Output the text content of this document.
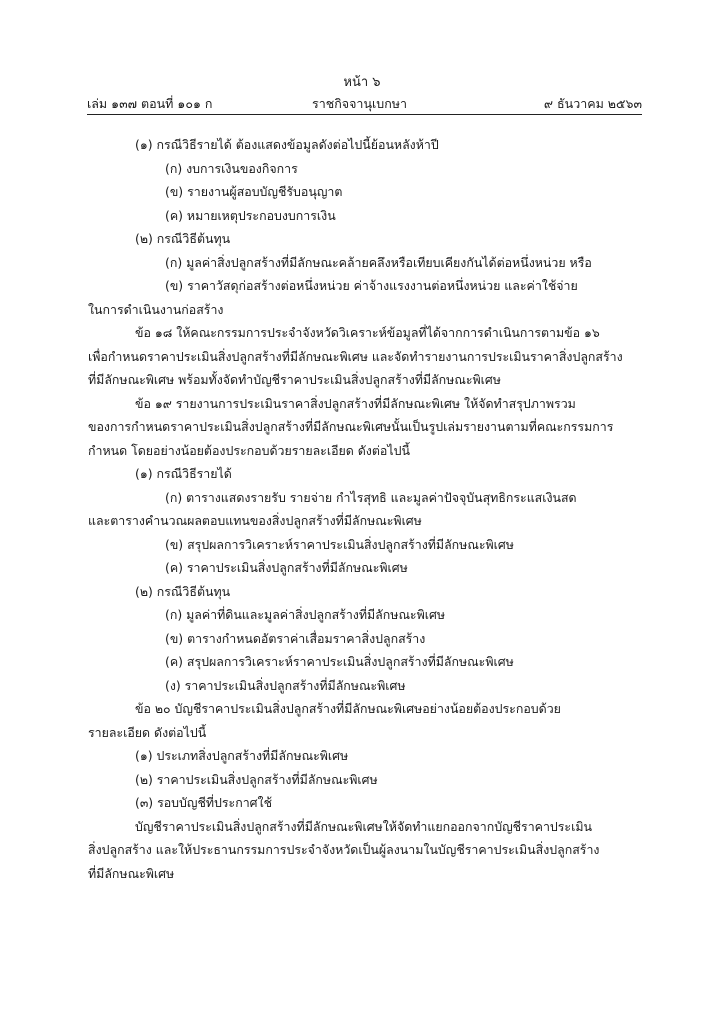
หน้า ๖
เล่ม ๑๓๗ ตอนที่ ๑๐๑ ก	ราชกิจจานุเบกษา	๙ ธันวาคม ๒๕๖๓
(๑) กรณีวิธีรายได้ ต้องแสดงข้อมูลดังต่อไปนี้ย้อนหลังห้าปี
(ก) งบการเงินของกิจการ
(ข) รายงานผู้สอบบัญชีรับอนุญาต
(ค) หมายเหตุประกอบงบการเงิน
(๒) กรณีวิธีต้นทุน
(ก) มูลค่าสิ่งปลูกสร้างที่มีลักษณะคล้ายคลึงหรือเทียบเคียงกันได้ต่อหนึ่งหน่วย หรือ
(ข) ราคาวัสดุก่อสร้างต่อหนึ่งหน่วย ค่าจ้างแรงงานต่อหนึ่งหน่วย และค่าใช้จ่าย
ในการดำเนินงานก่อสร้าง
ข้อ ๑๘ ให้คณะกรรมการประจำจังหวัดวิเคราะห์ข้อมูลที่ได้จากการดำเนินการตามข้อ ๑๖
เพื่อกำหนดราคาประเมินสิ่งปลูกสร้างที่มีลักษณะพิเศษ และจัดทำรายงานการประเมินราคาสิ่งปลูกสร้าง
ที่มีลักษณะพิเศษ พร้อมทั้งจัดทำบัญชีราคาประเมินสิ่งปลูกสร้างที่มีลักษณะพิเศษ
ข้อ ๑๙ รายงานการประเมินราคาสิ่งปลูกสร้างที่มีลักษณะพิเศษ ให้จัดทำสรุปภาพรวม
ของการกำหนดราคาประเมินสิ่งปลูกสร้างที่มีลักษณะพิเศษนั้นเป็นรูปเล่มรายงานตามที่คณะกรรมการ
กำหนด โดยอย่างน้อยต้องประกอบด้วยรายละเอียด ดังต่อไปนี้
(๑) กรณีวิธีรายได้
(ก) ตารางแสดงรายรับ รายจ่าย กำไรสุทธิ และมูลค่าปัจจุบันสุทธิกระแสเงินสด
และตารางคำนวณผลตอบแทนของสิ่งปลูกสร้างที่มีลักษณะพิเศษ
(ข) สรุปผลการวิเคราะห์ราคาประเมินสิ่งปลูกสร้างที่มีลักษณะพิเศษ
(ค) ราคาประเมินสิ่งปลูกสร้างที่มีลักษณะพิเศษ
(๒) กรณีวิธีต้นทุน
(ก) มูลค่าที่ดินและมูลค่าสิ่งปลูกสร้างที่มีลักษณะพิเศษ
(ข) ตารางกำหนดอัตราค่าเสื่อมราคาสิ่งปลูกสร้าง
(ค) สรุปผลการวิเคราะห์ราคาประเมินสิ่งปลูกสร้างที่มีลักษณะพิเศษ
(ง) ราคาประเมินสิ่งปลูกสร้างที่มีลักษณะพิเศษ
ข้อ ๒๐ บัญชีราคาประเมินสิ่งปลูกสร้างที่มีลักษณะพิเศษอย่างน้อยต้องประกอบด้วย
รายละเอียด ดังต่อไปนี้
(๑) ประเภทสิ่งปลูกสร้างที่มีลักษณะพิเศษ
(๒) ราคาประเมินสิ่งปลูกสร้างที่มีลักษณะพิเศษ
(๓) รอบบัญชีที่ประกาศใช้
บัญชีราคาประเมินสิ่งปลูกสร้างที่มีลักษณะพิเศษให้จัดทำแยกออกจากบัญชีราคาประเมิน
สิ่งปลูกสร้าง และให้ประธานกรรมการประจำจังหวัดเป็นผู้ลงนามในบัญชีราคาประเมินสิ่งปลูกสร้าง
ที่มีลักษณะพิเศษ
